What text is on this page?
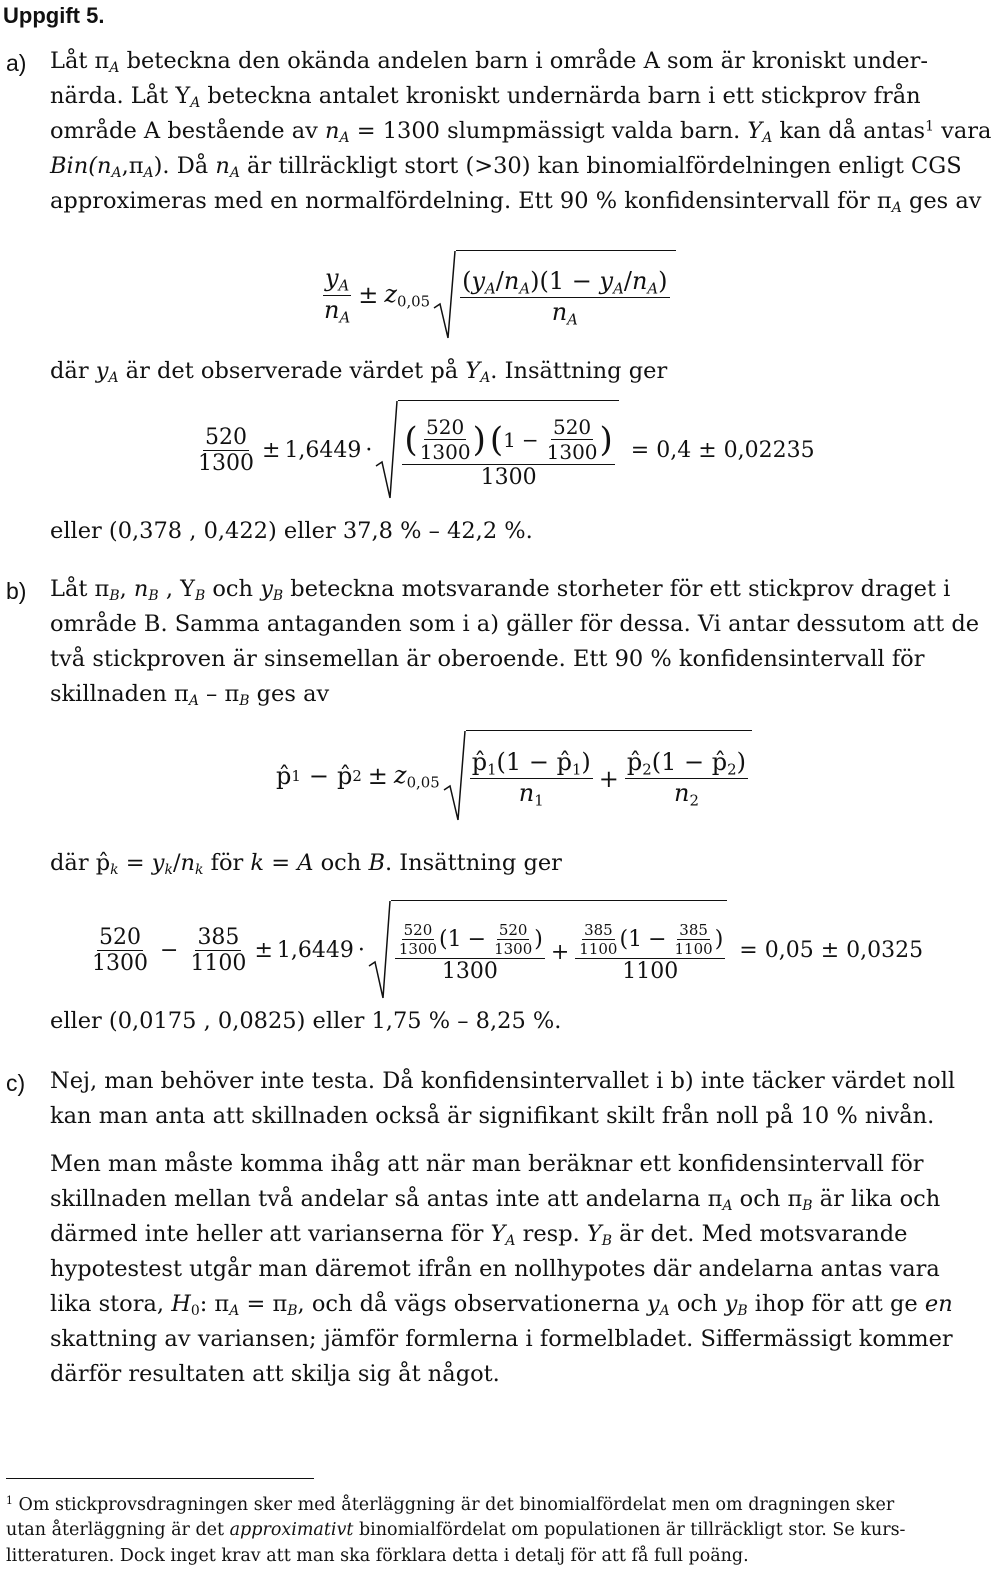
Uppgift 5.
a) Låt $\pi_A$ beteckna den okända andelen barn i område A som är kroniskt under-
närda. Låt $Y_A$ beteckna antalet kroniskt undernärda barn i ett stickprov från
område A bestående av $n_A = 1300$ slumpmässigt valda barn. $Y_A$ kan då antas$^1$ vara
$Bin(n_A,\pi_A)$. Då $n_A$ är tillräckligt stort (>30) kan binomialfördelningen enligt CGS
approximeras med en normalfördelning. Ett 90 % konfidensintervall för $\pi_A$ ges av
$\frac{y_A}{n_A} \pm z_{0,05} \frac{(y_A/n_A)(1 - y_A/n_A)}{n_A}$
där $y_A$ är det observerade värdet på $Y_A$. Insättning ger
$\frac{520}{1300} \pm 1,6449$ · ( $\frac{520}{1300}$ ) ( $1 - \frac{520}{1300}$ )
1300
= 0,4 ± 0,02235
eller (0,378 , 0,422) eller 37,8 % – 42,2 %.
b) Låt $\pi_B$, $n_B$ , $Y_B$ och $y_B$ beteckna motsvarande storheter för ett stickprov draget i
område B. Samma antaganden som i a) gäller för dessa. Vi antar dessutom att de
två stickproven är sinsemellan är oberoende. Ett 90 % konfidensintervall för
skillnaden $\pi_A - \pi_B$ ges av
p̂ 1 − p̂ $2 \pm z_{0,05} \frac{p̂_1(1 - p̂_1)}{n_1} + \frac{p̂_2(1 - p̂_2)}{n_2}$
där $p̂_k = y_k/n_k$ för k = A och B. Insättning ger
$\frac{520}{1300} - \frac{385}{1100} \pm 1,6449 \cdot \frac{\frac{520}{1300} ( 1 - \frac{520}{1300} )}{1300} + \frac{\frac{385}{1100} ( 1 - \frac{385}{1100} )}{1100} = 0,05 \pm 0,0325$
eller (0,0175 , 0,0825) eller 1,75 % – 8,25 %.
c) Nej, man behöver inte testa. Då konfidensintervallet i b) inte täcker värdet noll
kan man anta att skillnaden också är signifikant skilt från noll på 10 % nivån.
Men man måste komma ihåg att när man beräknar ett konfidensintervall för
skillnaden mellan två andelar så antas inte att andelarna $\pi_A$ och $\pi_B$ är lika och
därmed inte heller att varianserna för $Y_A$ resp. $Y_B$ är det. Med motsvarande
hypotestest utgår man däremot ifrån en nollhypotes där andelarna antas vara
lika stora, $H_0$: $\pi_A = \pi_B$, och då vägs observationerna $y_A$ och $y_B$ ihop för att ge en
skattning av variansen; jämför formlerna i formelbladet. Siffermässigt kommer
därför resultaten att skilja sig åt något.
$^1$ Om stickprovsdragningen sker med återläggning är det binomialfördelat men om dragningen sker
utan återläggning är det approximativt binomialfördelat om populationen är tillräckligt stor. Se kurs-
litteraturen. Dock inget krav att man ska förklara detta i detalj för att få full poäng.
